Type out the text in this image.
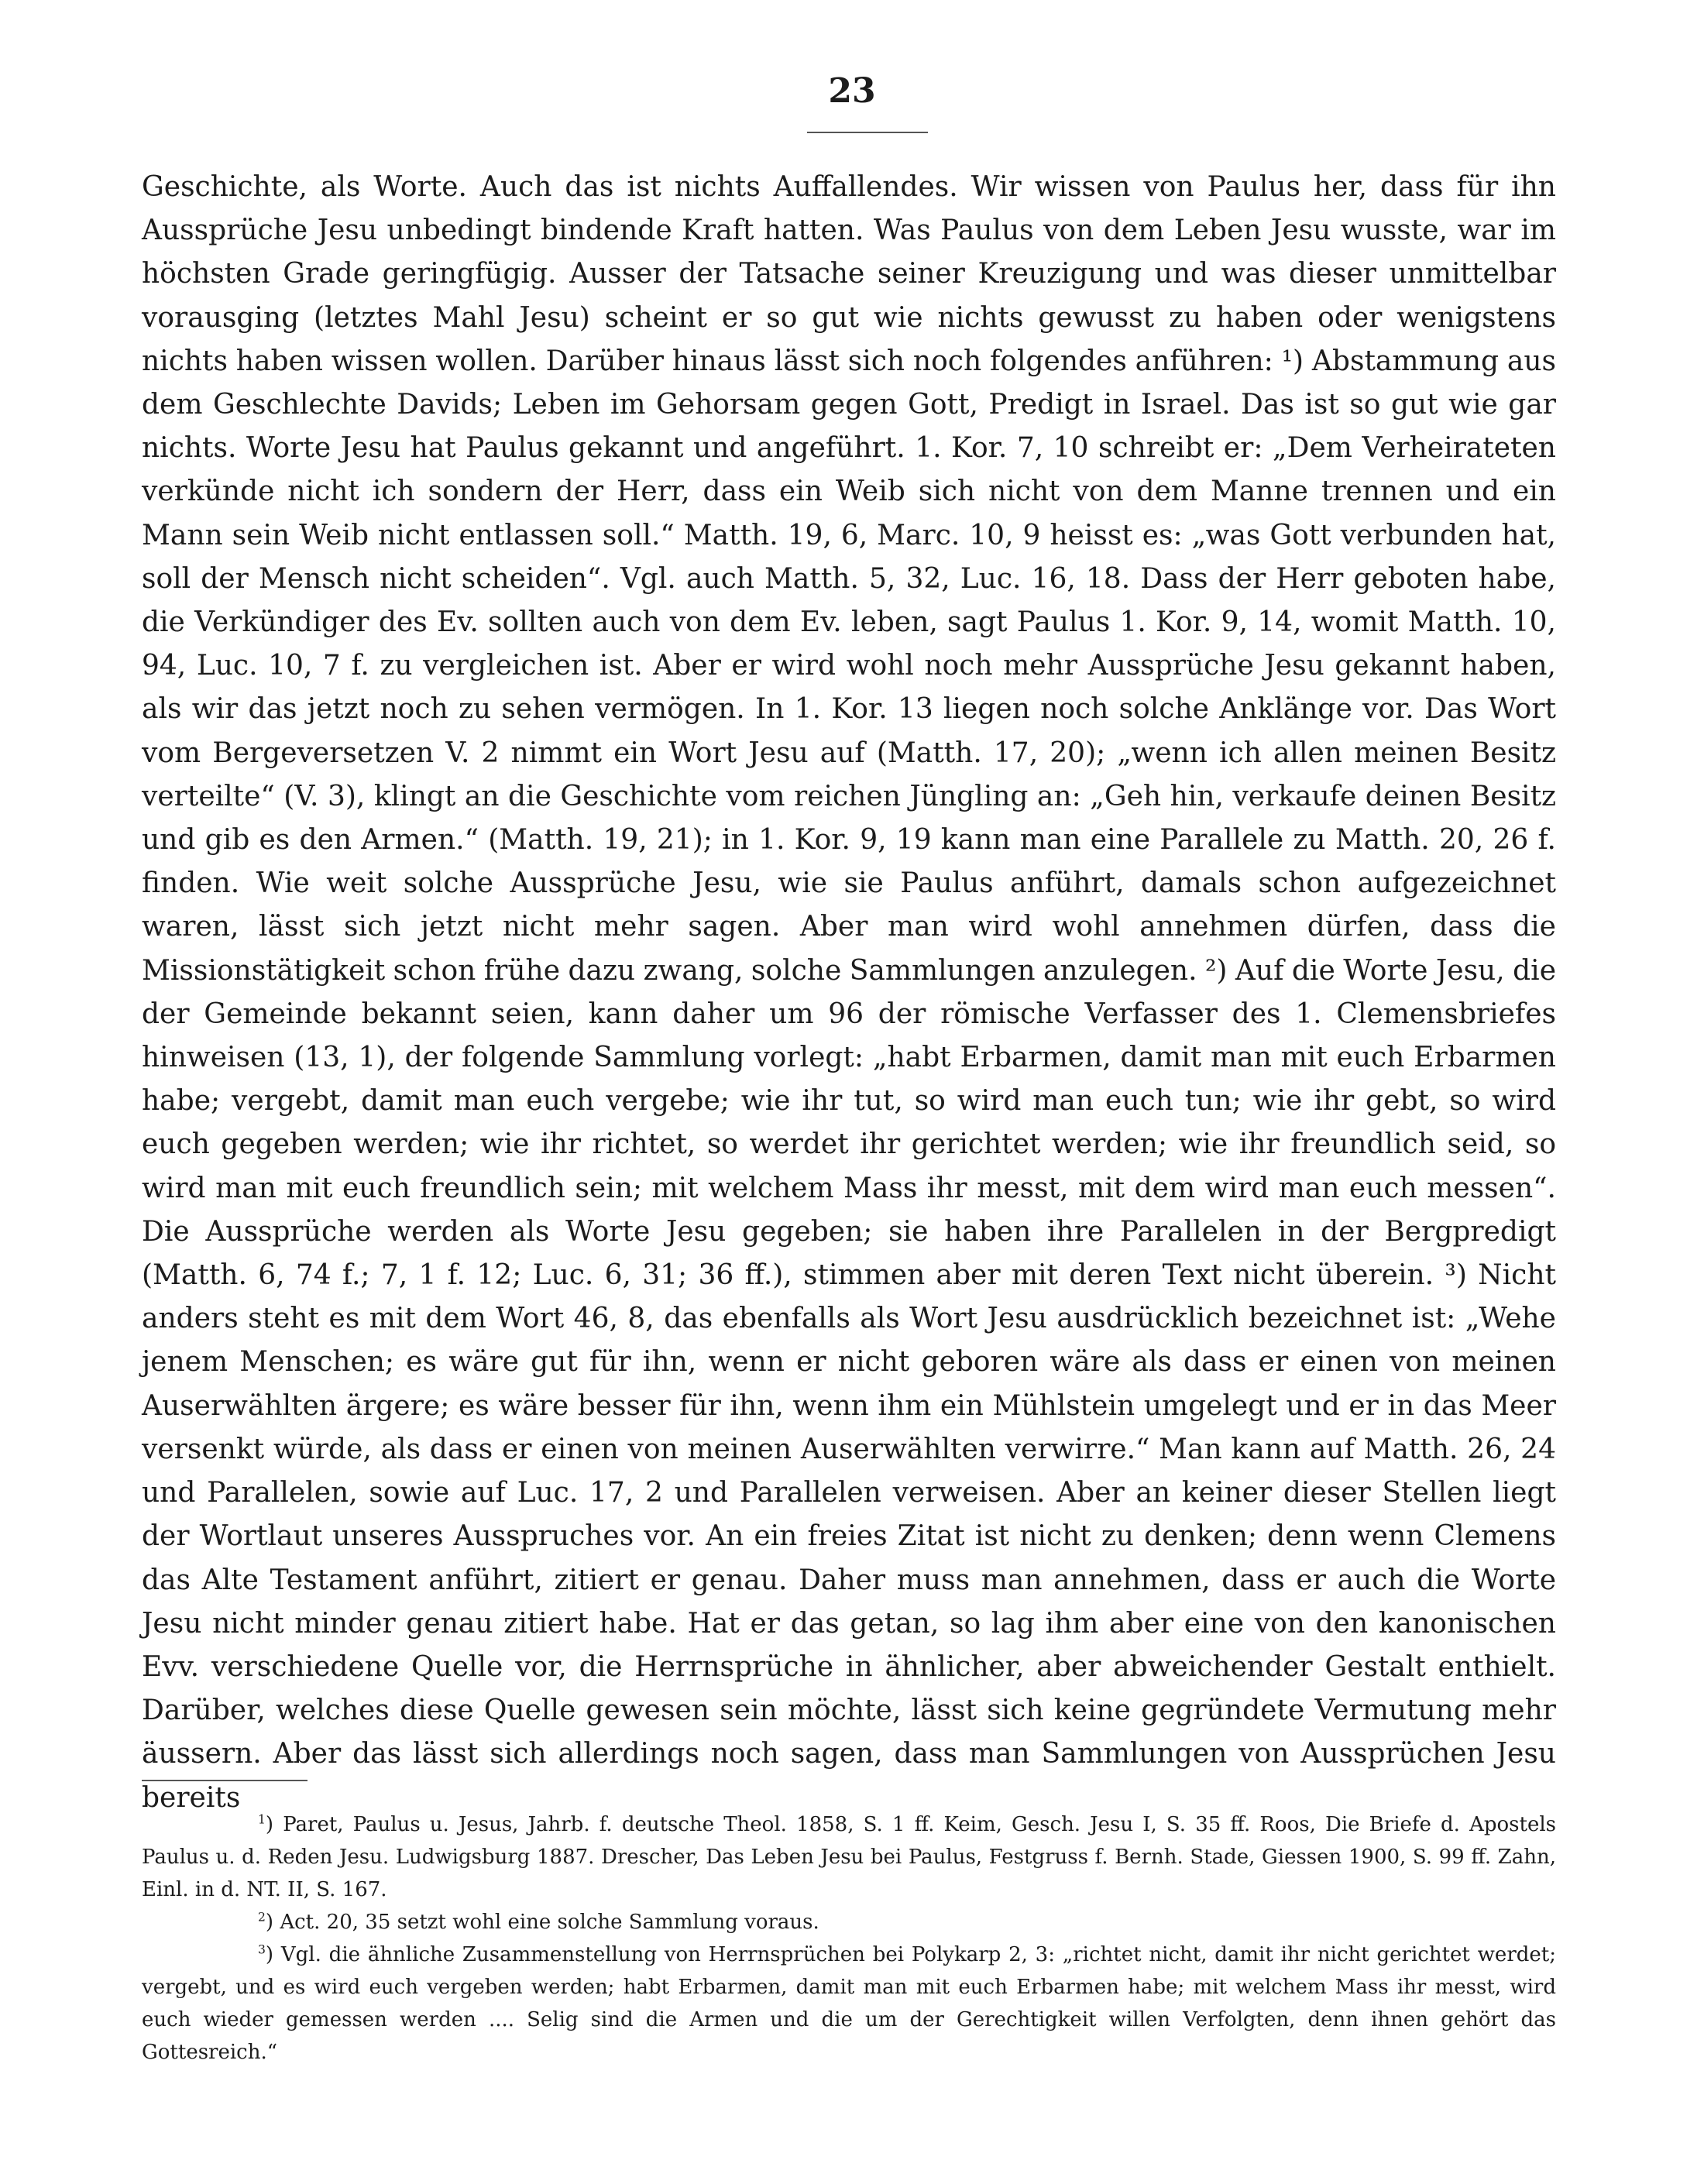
23

Geschichte, als Worte. Auch das ist nichts Auffallendes. Wir wissen von Paulus her, dass für ihn Aussprüche Jesu unbedingt bindende Kraft hatten. Was Paulus von dem Leben Jesu wusste, war im höchsten Grade geringfügig. Ausser der Tatsache seiner Kreuzigung und was dieser unmittelbar vorausging (letztes Mahl Jesu) scheint er so gut wie nichts gewusst zu haben oder wenigstens nichts haben wissen wollen. Darüber hinaus lässt sich noch folgendes anführen: ¹) Abstammung aus dem Geschlechte Davids; Leben im Gehorsam gegen Gott, Predigt in Israel. Das ist so gut wie gar nichts. Worte Jesu hat Paulus gekannt und angeführt. 1. Kor. 7, 10 schreibt er: „Dem Verheirateten verkünde nicht ich sondern der Herr, dass ein Weib sich nicht von dem Manne trennen und ein Mann sein Weib nicht entlassen soll.“ Matth. 19, 6, Marc. 10, 9 heisst es: „was Gott verbunden hat, soll der Mensch nicht scheiden“. Vgl. auch Matth. 5, 32, Luc. 16, 18. Dass der Herr geboten habe, die Verkündiger des Ev. sollten auch von dem Ev. leben, sagt Paulus 1. Kor. 9, 14, womit Matth. 10, 94, Luc. 10, 7 f. zu vergleichen ist. Aber er wird wohl noch mehr Aussprüche Jesu gekannt haben, als wir das jetzt noch zu sehen vermögen. In 1. Kor. 13 liegen noch solche Anklänge vor. Das Wort vom Bergeversetzen V. 2 nimmt ein Wort Jesu auf (Matth. 17, 20); „wenn ich allen meinen Besitz verteilte“ (V. 3), klingt an die Geschichte vom reichen Jüngling an: „Geh hin, verkaufe deinen Besitz und gib es den Armen.“ (Matth. 19, 21); in 1. Kor. 9, 19 kann man eine Parallele zu Matth. 20, 26 f. finden. Wie weit solche Aussprüche Jesu, wie sie Paulus anführt, damals schon aufgezeichnet waren, lässt sich jetzt nicht mehr sagen. Aber man wird wohl annehmen dürfen, dass die Missionstätigkeit schon frühe dazu zwang, solche Sammlungen anzulegen. ²) Auf die Worte Jesu, die der Gemeinde bekannt seien, kann daher um 96 der römische Verfasser des 1. Clemensbriefes hinweisen (13, 1), der folgende Sammlung vorlegt: „habt Erbarmen, damit man mit euch Erbarmen habe; vergebt, damit man euch vergebe; wie ihr tut, so wird man euch tun; wie ihr gebt, so wird euch gegeben werden; wie ihr richtet, so werdet ihr gerichtet werden; wie ihr freundlich seid, so wird man mit euch freundlich sein; mit welchem Mass ihr messt, mit dem wird man euch messen“. Die Aussprüche werden als Worte Jesu gegeben; sie haben ihre Parallelen in der Bergpredigt (Matth. 6, 74 f.; 7, 1 f. 12; Luc. 6, 31; 36 ff.), stimmen aber mit deren Text nicht überein. ³) Nicht anders steht es mit dem Wort 46, 8, das ebenfalls als Wort Jesu ausdrücklich bezeichnet ist: „Wehe jenem Menschen; es wäre gut für ihn, wenn er nicht geboren wäre als dass er einen von meinen Auserwählten ärgere; es wäre besser für ihn, wenn ihm ein Mühlstein umgelegt und er in das Meer versenkt würde, als dass er einen von meinen Auserwählten verwirre.“ Man kann auf Matth. 26, 24 und Parallelen, sowie auf Luc. 17, 2 und Parallelen verweisen. Aber an keiner dieser Stellen liegt der Wortlaut unseres Ausspruches vor. An ein freies Zitat ist nicht zu denken; denn wenn Clemens das Alte Testament anführt, zitiert er genau. Daher muss man annehmen, dass er auch die Worte Jesu nicht minder genau zitiert habe. Hat er das getan, so lag ihm aber eine von den kanonischen Evv. verschiedene Quelle vor, die Herrnsprüche in ähnlicher, aber abweichender Gestalt enthielt. Darüber, welches diese Quelle gewesen sein möchte, lässt sich keine gegründete Vermutung mehr äussern. Aber das lässt sich allerdings noch sagen, dass man Sammlungen von Aussprüchen Jesu bereits

$^1$) Paret, Paulus u. Jesus, Jahrb. f. deutsche Theol. 1858, S. 1 ff. Keim, Gesch. Jesu I, S. 35 ff. Roos, Die Briefe d. Apostels Paulus u. d. Reden Jesu. Ludwigsburg 1887. Drescher, Das Leben Jesu bei Paulus, Festgruss f. Bernh. Stade, Giessen 1900, S. 99 ff. Zahn, Einl. in d. NT. II, S. 167.

$^2$) Act. 20, 35 setzt wohl eine solche Sammlung voraus.

$^3$) Vgl. die ähnliche Zusammenstellung von Herrnsprüchen bei Polykarp 2, 3: „richtet nicht, damit ihr nicht gerichtet werdet; vergebt, und es wird euch vergeben werden; habt Erbarmen, damit man mit euch Erbarmen habe; mit welchem Mass ihr messt, wird euch wieder gemessen werden .... Selig sind die Armen und die um der Gerechtigkeit willen Verfolgten, denn ihnen gehört das Gottesreich.“
